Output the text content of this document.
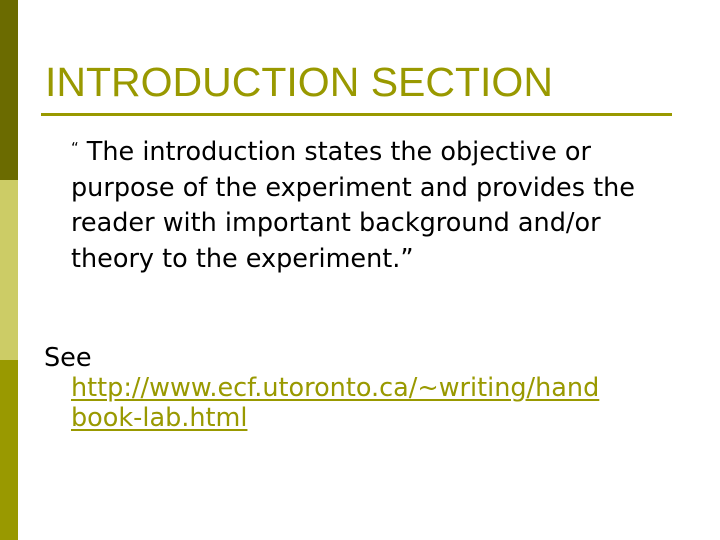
INTRODUCTION SECTION

“ The introduction states the objective or purpose of the experiment and provides the reader with important background and/or theory to the experiment.”

See
http://www.ecf.utoronto.ca/~writing/hand
book-lab.html
